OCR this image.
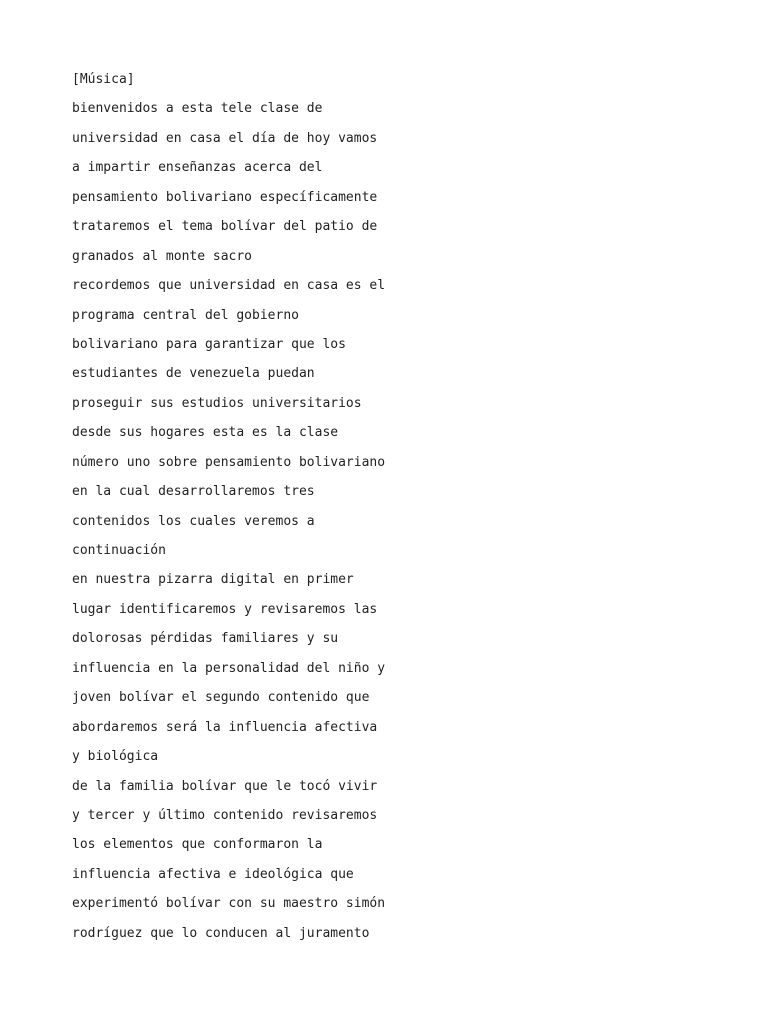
[Música]

bienvenidos a esta tele clase de

universidad en casa el día de hoy vamos

a impartir enseñanzas acerca del

pensamiento bolivariano específicamente

trataremos el tema bolívar del patio de

granados al monte sacro

recordemos que universidad en casa es el

programa central del gobierno

bolivariano para garantizar que los

estudiantes de venezuela puedan

proseguir sus estudios universitarios

desde sus hogares esta es la clase

número uno sobre pensamiento bolivariano

en la cual desarrollaremos tres

contenidos los cuales veremos a

continuación

en nuestra pizarra digital en primer

lugar identificaremos y revisaremos las

dolorosas pérdidas familiares y su

influencia en la personalidad del niño y

joven bolívar el segundo contenido que

abordaremos será la influencia afectiva

y biológica

de la familia bolívar que le tocó vivir

y tercer y último contenido revisaremos

los elementos que conformaron la

influencia afectiva e ideológica que

experimentó bolívar con su maestro simón

rodríguez que lo conducen al juramento
